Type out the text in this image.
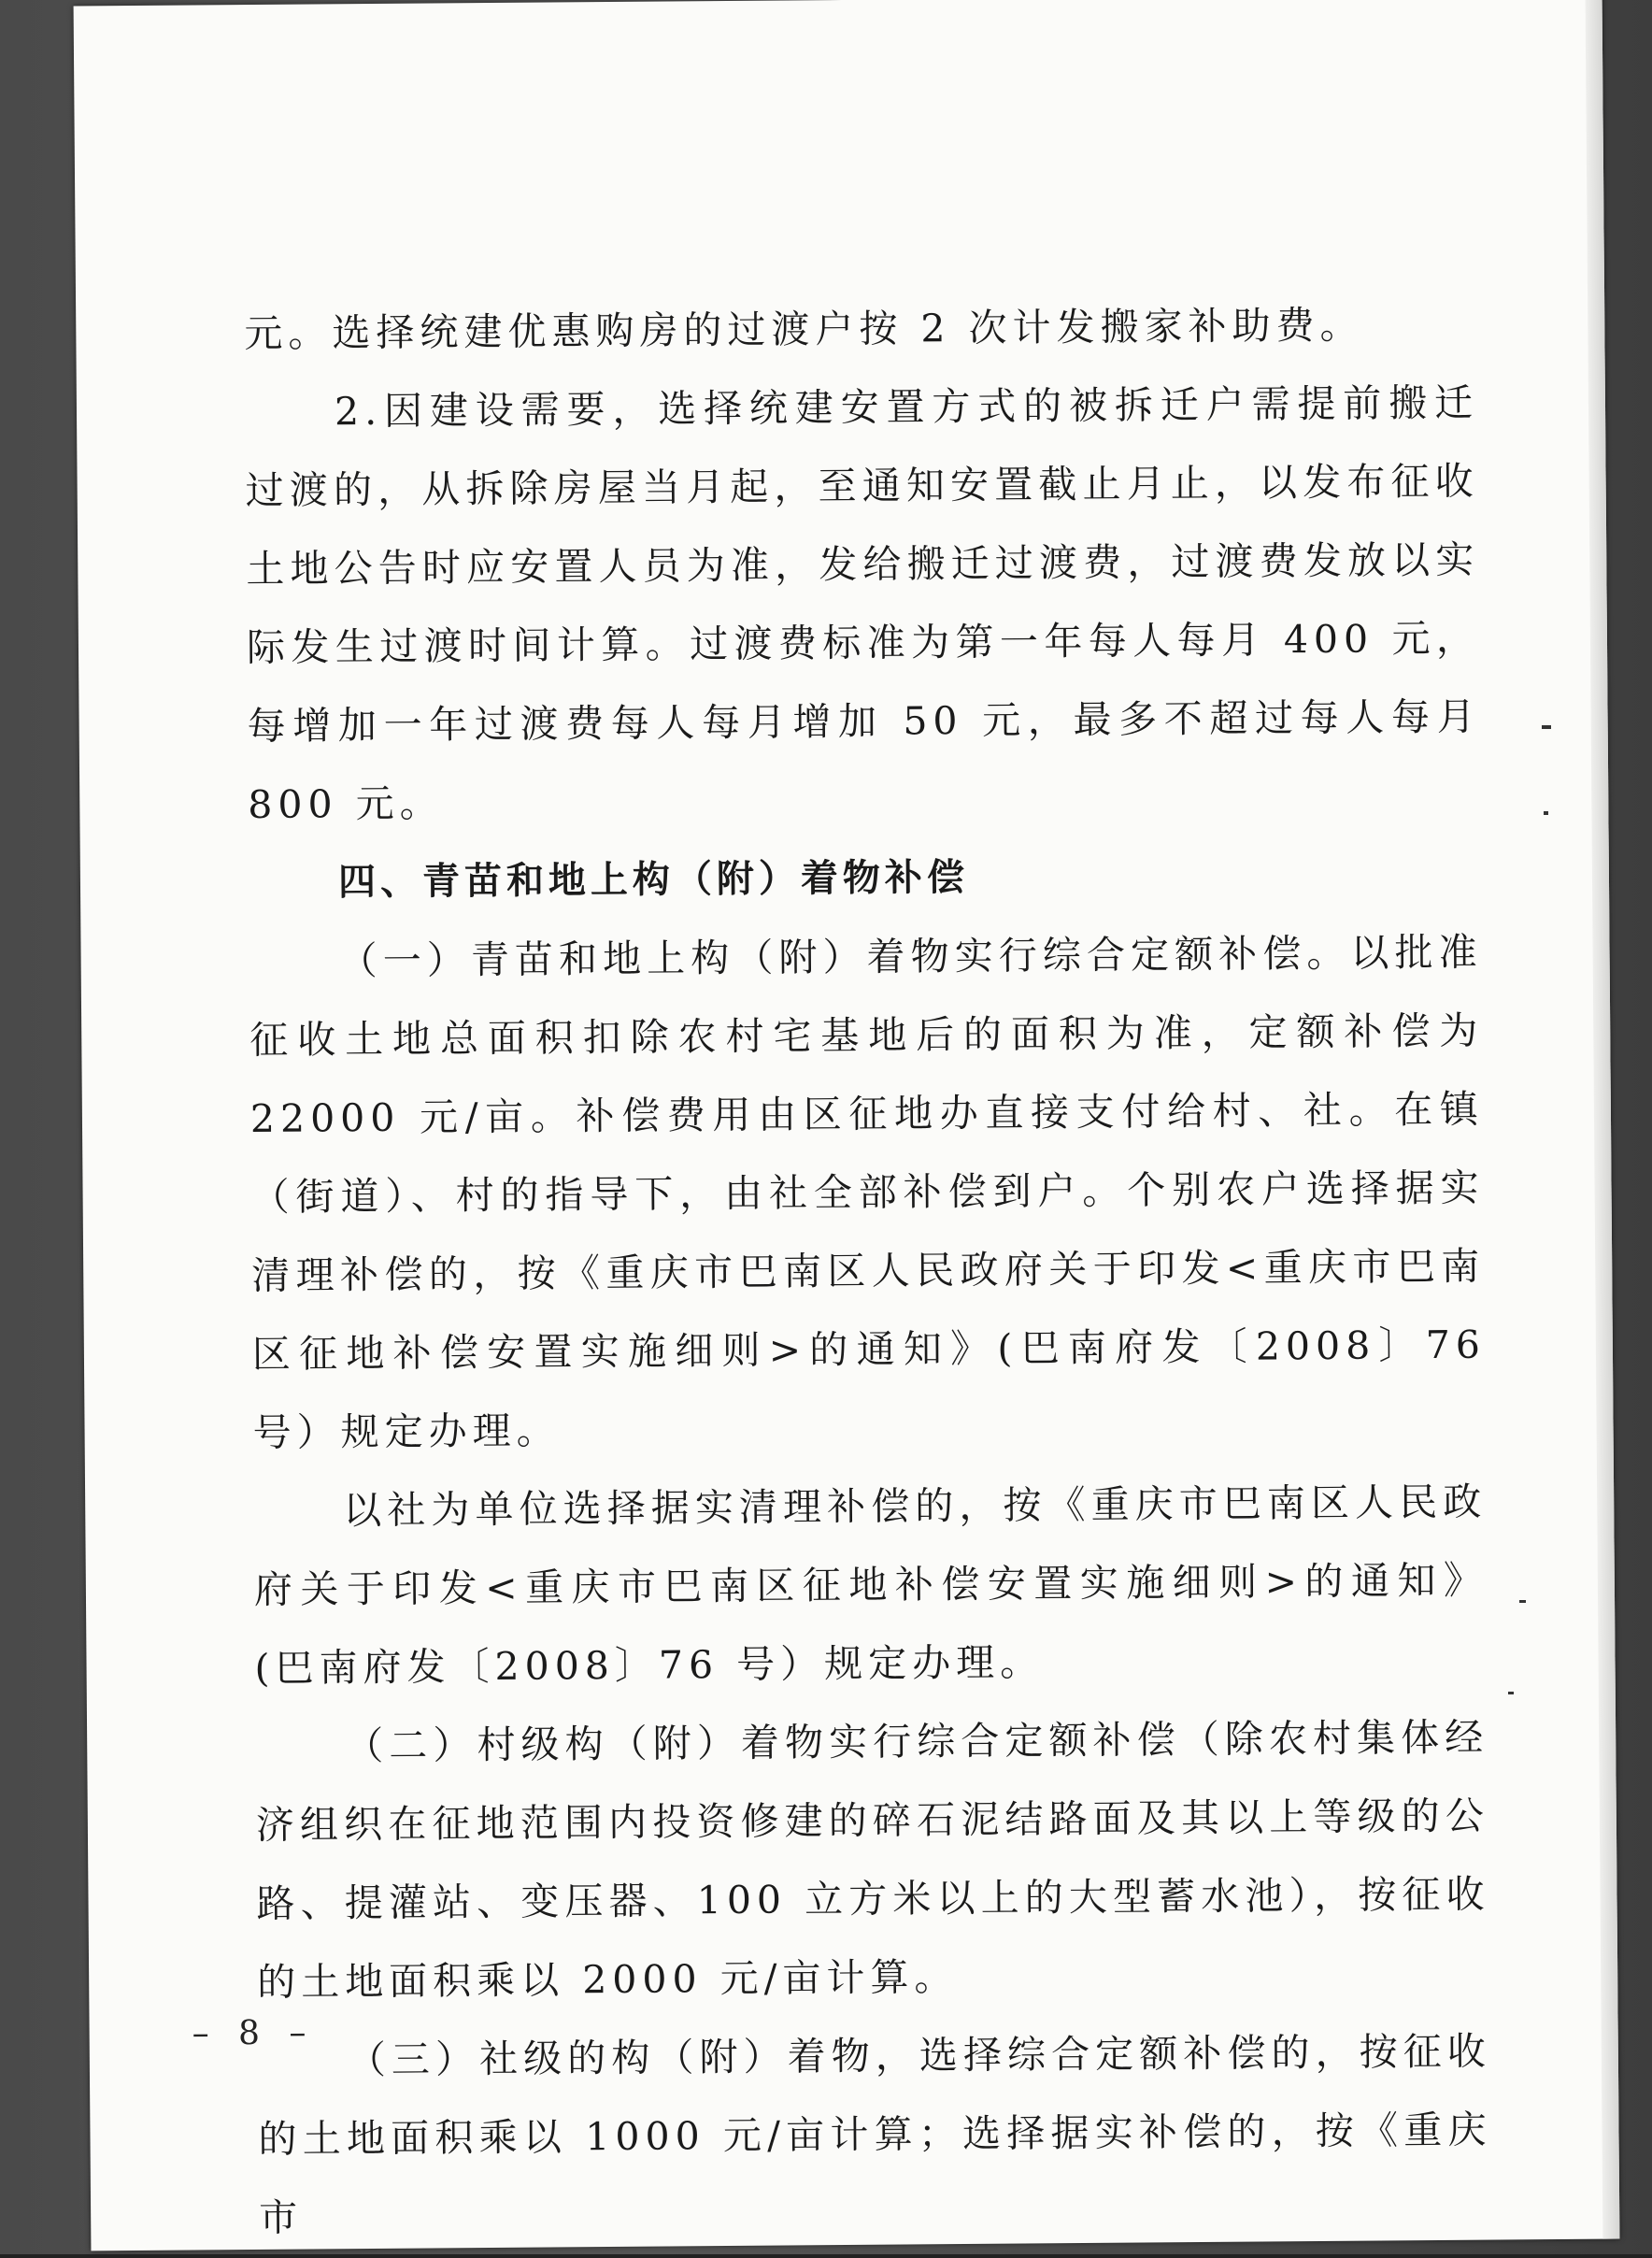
元。选择统建优惠购房的过渡户按 2 次计发搬家补助费。

2.因建设需要，选择统建安置方式的被拆迁户需提前搬迁过渡的，从拆除房屋当月起，至通知安置截止月止，以发布征收土地公告时应安置人员为准，发给搬迁过渡费，过渡费发放以实际发生过渡时间计算。过渡费标准为第一年每人每月 400 元，每增加一年过渡费每人每月增加 50 元，最多不超过每人每月 800 元。

四、青苗和地上构（附）着物补偿

（一）青苗和地上构（附）着物实行综合定额补偿。以批准征收土地总面积扣除农村宅基地后的面积为准，定额补偿为 22000 元/亩。补偿费用由区征地办直接支付给村、社。在镇（街道）、村的指导下，由社全部补偿到户。个别农户选择据实清理补偿的，按《重庆市巴南区人民政府关于印发<重庆市巴南区征地补偿安置实施细则>的通知》(巴南府发〔2008〕76 号）规定办理。

以社为单位选择据实清理补偿的，按《重庆市巴南区人民政府关于印发<重庆市巴南区征地补偿安置实施细则>的通知》(巴南府发〔2008〕76 号）规定办理。

（二）村级构（附）着物实行综合定额补偿（除农村集体经济组织在征地范围内投资修建的碎石泥结路面及其以上等级的公路、提灌站、变压器、100 立方米以上的大型蓄水池），按征收的土地面积乘以 2000 元/亩计算。

（三）社级的构（附）着物，选择综合定额补偿的，按征收的土地面积乘以 1000 元/亩计算；选择据实补偿的，按《重庆市

– 8 –
